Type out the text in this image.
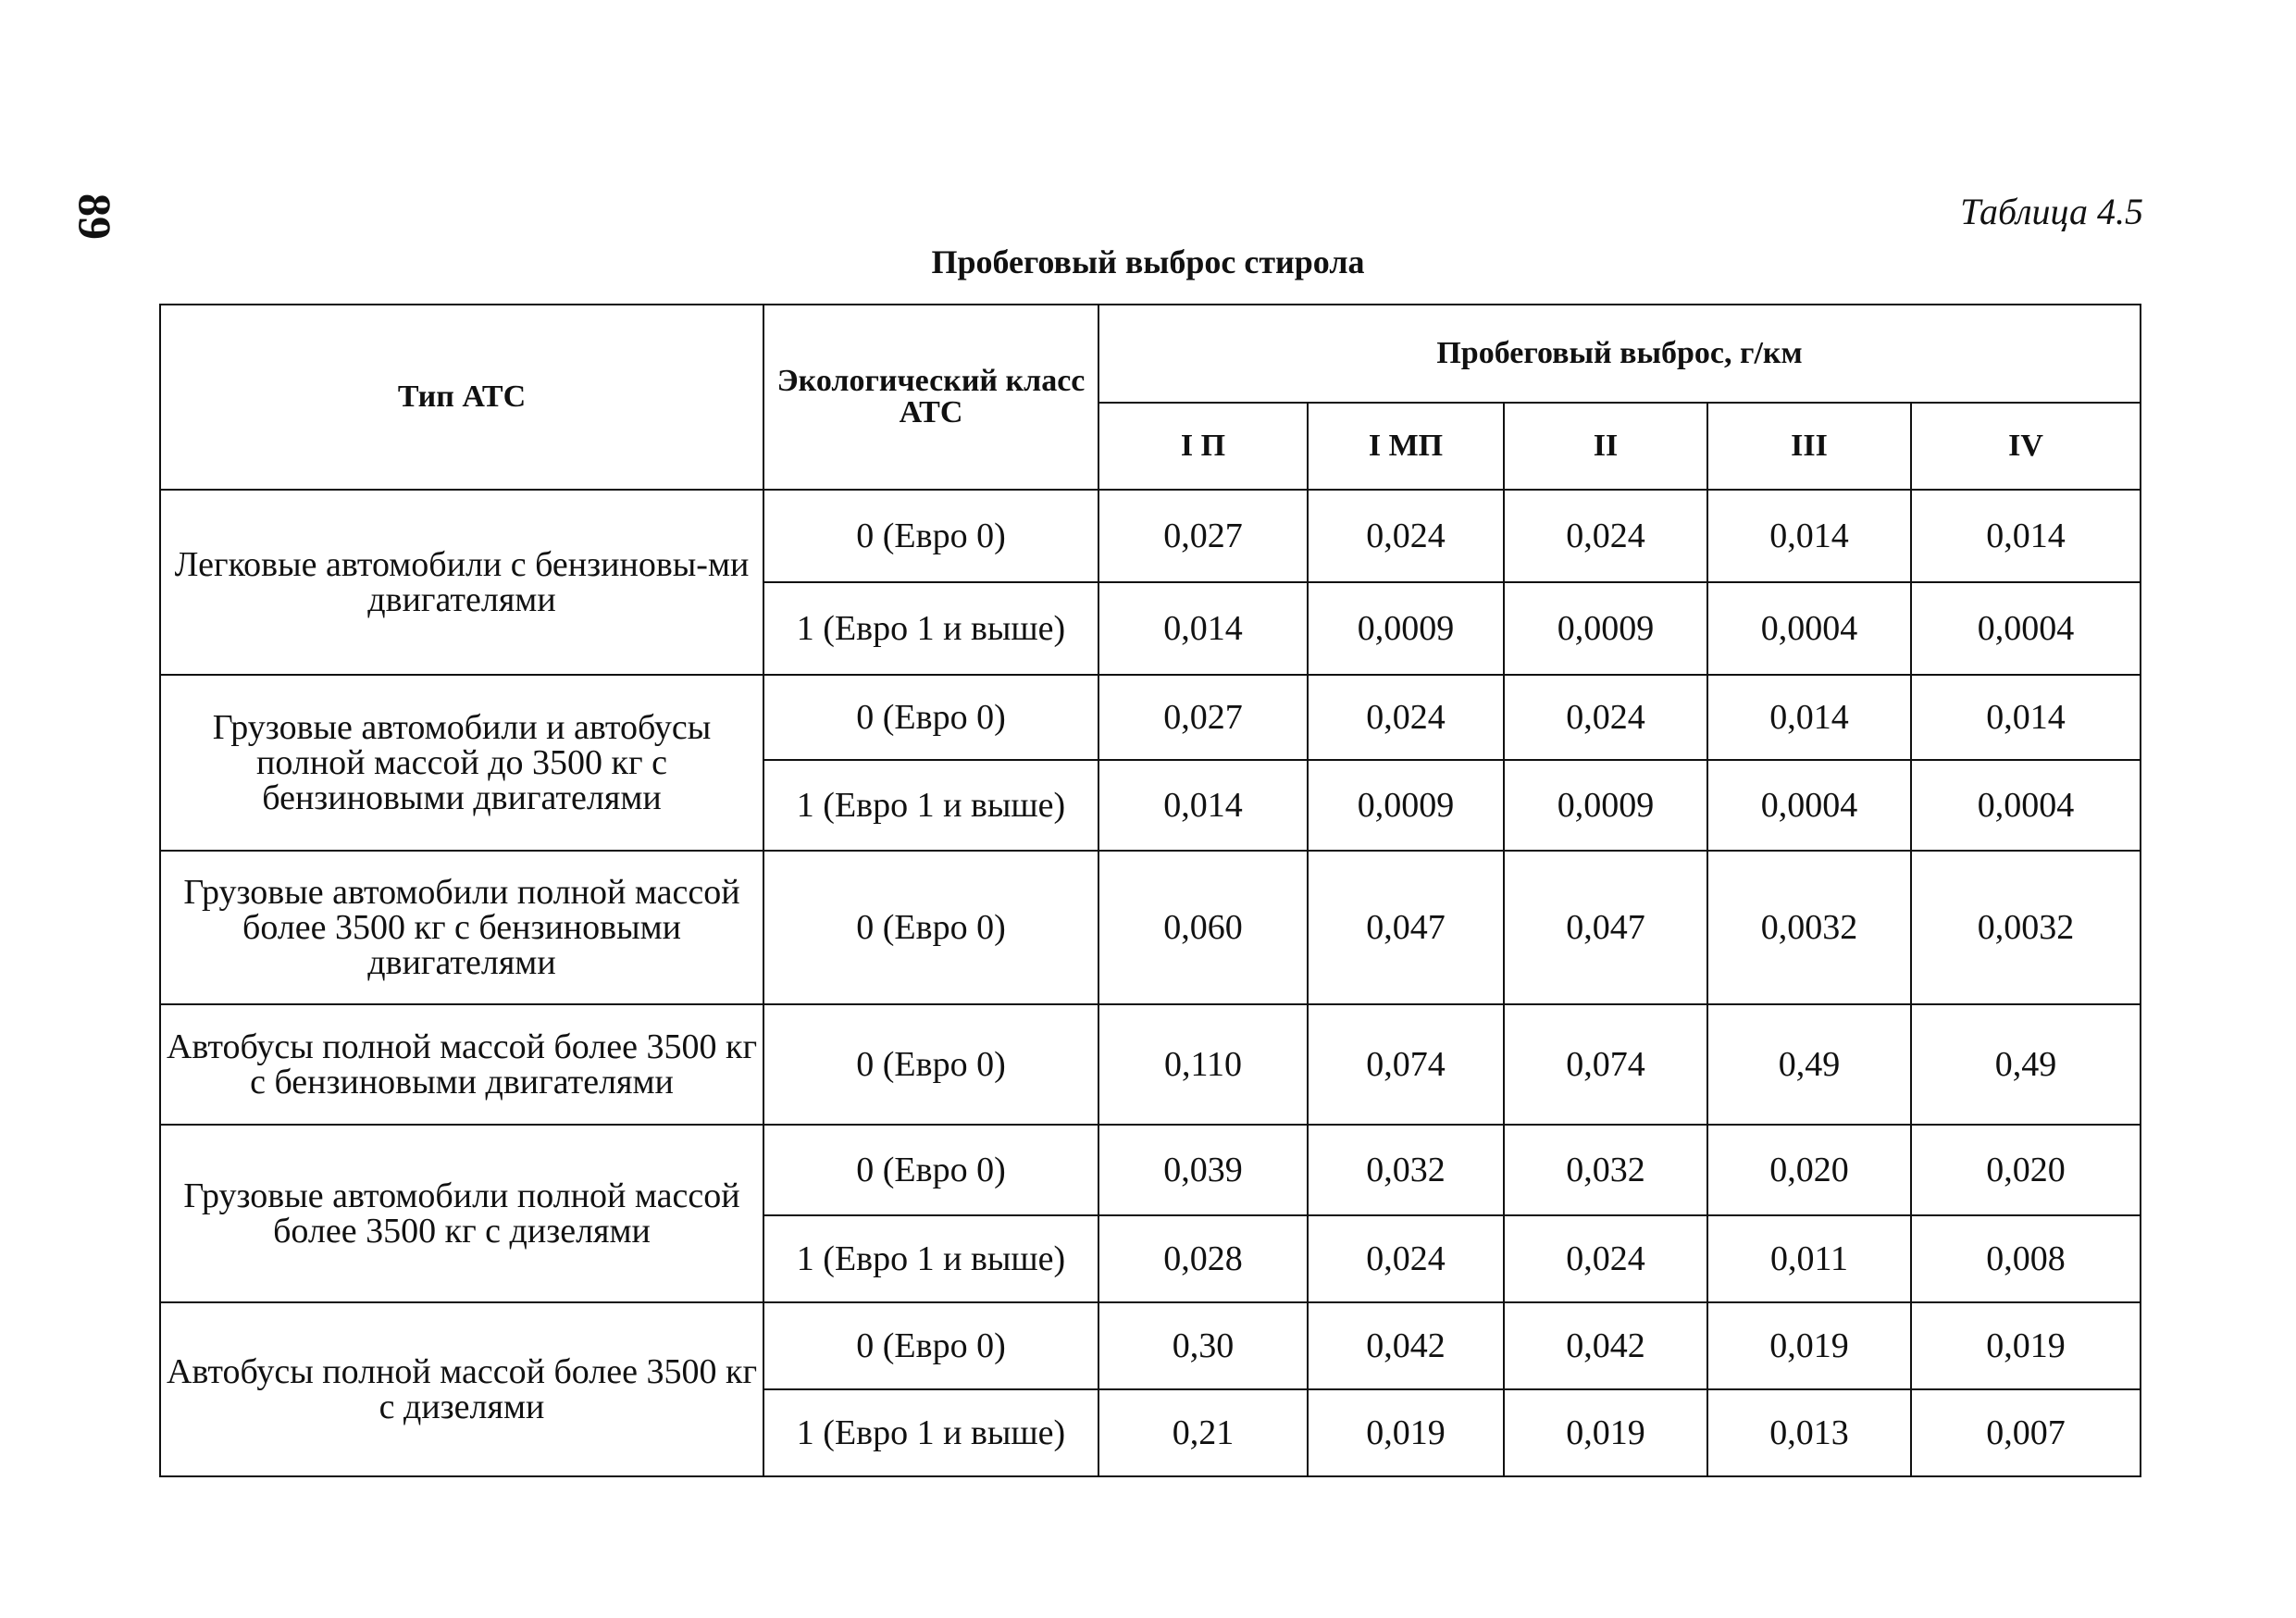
89	Таблица 4.5
Пробеговый выброс стирола
Тип АТС	Экологический класс АТС	Пробеговый выброс, г/км				
		I П	I МП	II	III	IV
Легковые автомобили с бензиновы-ми двигателями	0 (Евро 0)	0,027	0,024	0,024	0,014	0,014
	1 (Евро 1 и выше)	0,014	0,0009	0,0009	0,0004	0,0004
Грузовые автомобили и автобусы полной массой до 3500 кг с бензиновыми двигателями	0 (Евро 0)	0,027	0,024	0,024	0,014	0,014
	1 (Евро 1 и выше)	0,014	0,0009	0,0009	0,0004	0,0004
Грузовые автомобили полной массой более 3500 кг с бензиновыми двигателями	0 (Евро 0)	0,060	0,047	0,047	0,0032	0,0032
Автобусы полной массой более 3500 кг с бензиновыми двигателями	0 (Евро 0)	0,110	0,074	0,074	0,49	0,49
Грузовые автомобили полной массой более 3500 кг с дизелями	0 (Евро 0)	0,039	0,032	0,032	0,020	0,020
	1 (Евро 1 и выше)	0,028	0,024	0,024	0,011	0,008
Автобусы полной массой более 3500 кг с дизелями	0 (Евро 0)	0,30	0,042	0,042	0,019	0,019
	1 (Евро 1 и выше)	0,21	0,019	0,019	0,013	0,007
